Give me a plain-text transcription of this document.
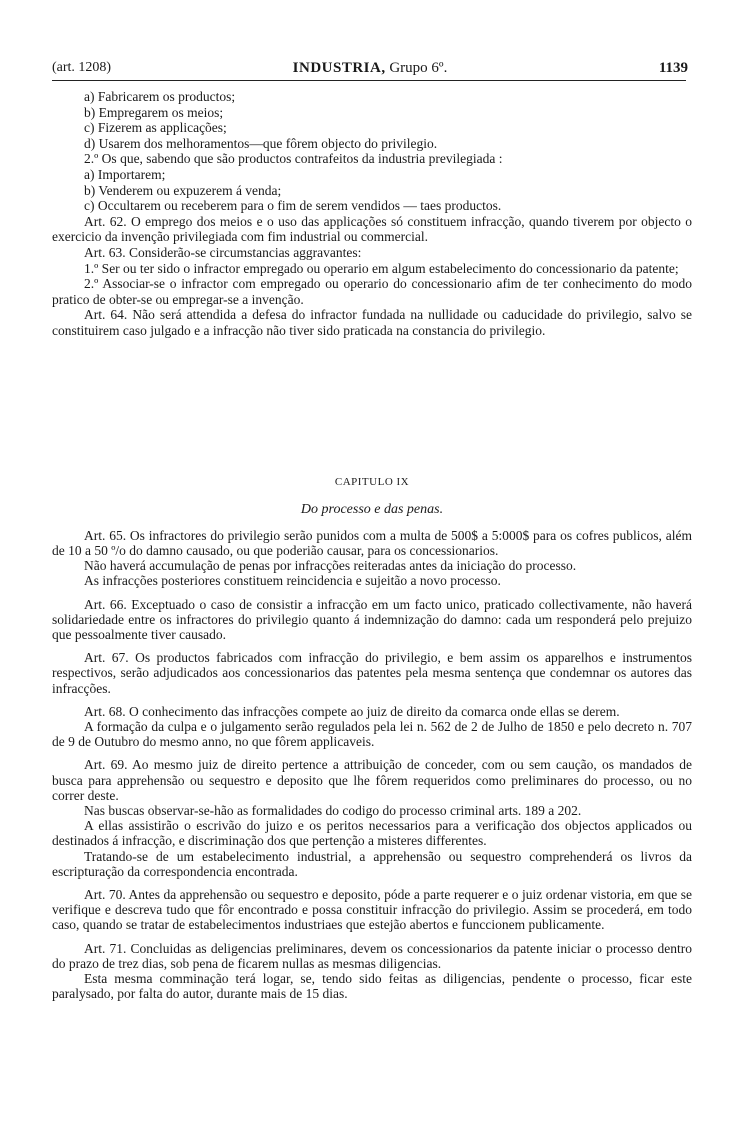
(art. 1208)	INDUSTRIA, Grupo 6º.	1139

a) Fabricarem os productos;

b) Empregarem os meios;

c) Fizerem as applicações;

d) Usarem dos melhoramentos—que fôrem objecto do privilegio.

2.º Os que, sabendo que são productos contrafeitos da industria previlegiada :

a) Importarem;

b) Venderem ou expuzerem á venda;

c) Occultarem ou receberem para o fim de serem vendidos — taes productos.

Art. 62. O emprego dos meios e o uso das applicações só constituem infracção, quando tiverem por objecto o exercicio da invenção privilegiada com fim industrial ou commercial.

Art. 63. Considerão-se circumstancias aggravantes:

1.º Ser ou ter sido o infractor empregado ou operario em algum estabelecimento do concessionario da patente;

2.º Associar-se o infractor com empregado ou operario do concessionario afim de ter conhecimento do modo pratico de obter-se ou empregar-se a invenção.

Art. 64. Não será attendida a defesa do infractor fundada na nullidade ou caducidade do privilegio, salvo se constituirem caso julgado e a infracção não tiver sido praticada na constancia do privilegio.

CAPITULO IX

Do processo e das penas.

Art. 65. Os infractores do privilegio serão punidos com a multa de 500$ a 5:000$ para os cofres publicos, além de 10 a 50 º/o do damno causado, ou que poderião causar, para os concessionarios.

Não haverá accumulação de penas por infracções reiteradas antes da iniciação do processo.

As infracções posteriores constituem reincidencia e sujeitão a novo processo.

Art. 66. Exceptuado o caso de consistir a infracção em um facto unico, praticado collectivamente, não haverá solidariedade entre os infractores do privilegio quanto á indemnização do damno: cada um responderá pelo prejuizo que pessoalmente tiver causado.

Art. 67. Os productos fabricados com infracção do privilegio, e bem assim os apparelhos e instrumentos respectivos, serão adjudicados aos concessionarios das patentes pela mesma sentença que condemnar os autores das infracções.

Art. 68. O conhecimento das infracções compete ao juiz de direito da comarca onde ellas se derem.

A formação da culpa e o julgamento serão regulados pela lei n. 562 de 2 de Julho de 1850 e pelo decreto n. 707 de 9 de Outubro do mesmo anno, no que fôrem applicaveis.

Art. 69. Ao mesmo juiz de direito pertence a attribuição de conceder, com ou sem caução, os mandados de busca para apprehensão ou sequestro e deposito que lhe fôrem requeridos como preliminares do processo, ou no correr deste.

Nas buscas observar-se-hão as formalidades do codigo do processo criminal arts. 189 a 202.

A ellas assistirão o escrivão do juizo e os peritos necessarios para a verificação dos objectos applicados ou destinados á infracção, e discriminação dos que pertenção a misteres differentes.

Tratando-se de um estabelecimento industrial, a apprehensão ou sequestro comprehenderá os livros da escripturação da correspondencia encontrada.

Art. 70. Antes da apprehensão ou sequestro e deposito, póde a parte requerer e o juiz ordenar vistoria, em que se verifique e descreva tudo que fôr encontrado e possa constituir infracção do privilegio. Assim se procederá, em todo caso, quando se tratar de estabelecimentos industriaes que estejão abertos e funccionem publicamente.

Art. 71. Concluidas as deligencias preliminares, devem os concessionarios da patente iniciar o processo dentro do prazo de trez dias, sob pena de ficarem nullas as mesmas diligencias.

Esta mesma comminação terá logar, se, tendo sido feitas as diligencias, pendente o processo, ficar este paralysado, por falta do autor, durante mais de 15 dias.
